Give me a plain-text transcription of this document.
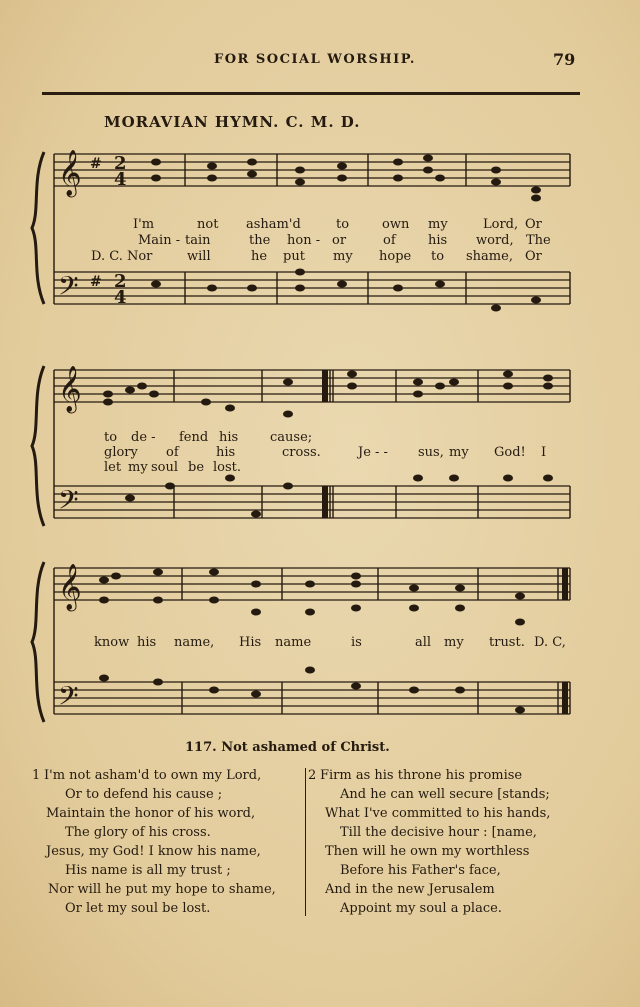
FOR SOCIAL WORSHIP.	79
MORAVIAN HYMN. C. M. D.
𝄞
𝄢
#
#
2
4
2
4
I'm	not asham'd	to	own my	Lord, Or
Main - tain	the hon - or	of his word, The
D. C. Nor	will	he put my hope to shame, Or
𝄞
𝄢
to de - fend his cause;
glory of	his	cross.	Je - - sus, my God! I
let my soul be lost.
𝄞
𝄢
know his name, His name	is	all my trust. D. C,
117. Not ashamed of Christ.
1 I'm not asham'd to own my Lord,
Or to defend his cause ;
Maintain the honor of his word,
The glory of his cross.
Jesus, my God! I know his name,
His name is all my trust ;
Nor will he put my hope to shame,
Or let my soul be lost.
2 Firm as his throne his promise
And he can well secure [stands;
What I've committed to his hands,
Till the decisive hour : [name,
Then will he own my worthless
Before his Father's face,
And in the new Jerusalem
Appoint my soul a place.
